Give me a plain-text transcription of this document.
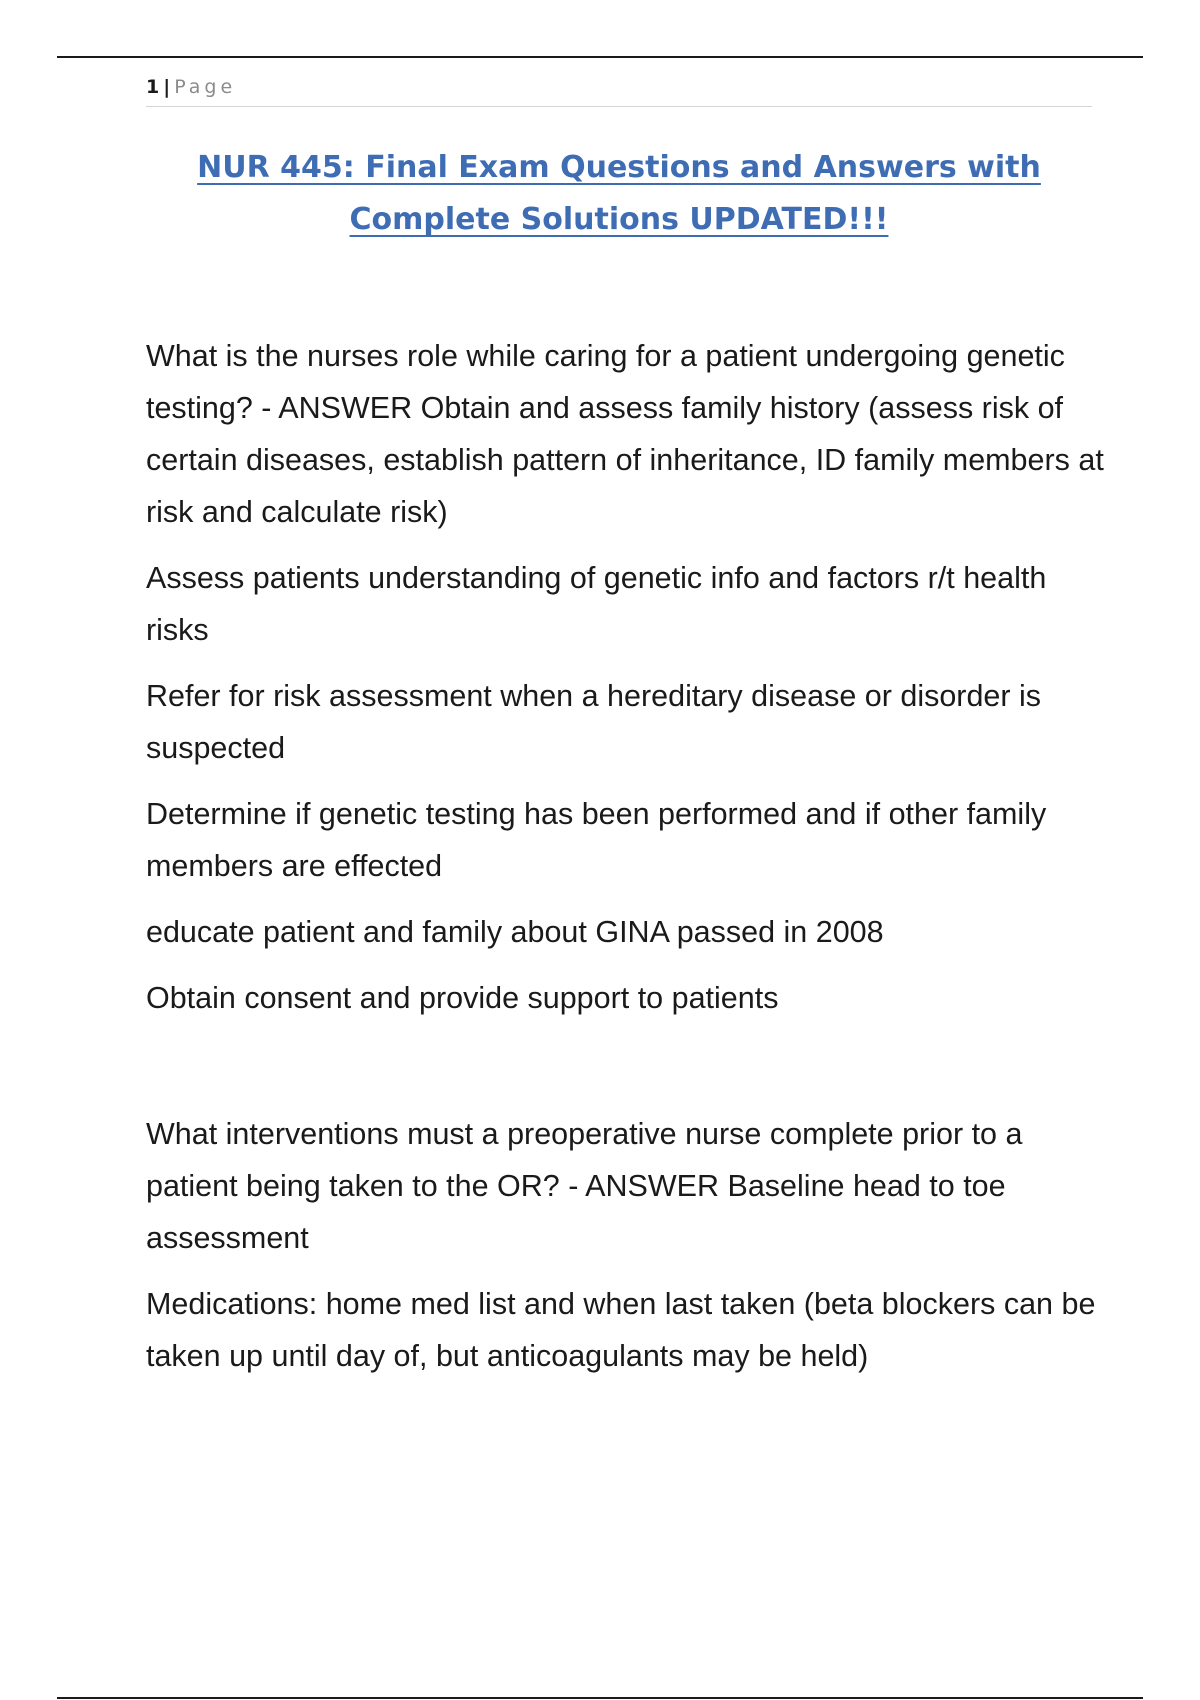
1 | Page
NUR 445: Final Exam Questions and Answers with
Complete Solutions UPDATED!!!

What is the nurses role while caring for a patient undergoing genetic testing? - ANSWER Obtain and assess family history (assess risk of certain diseases, establish pattern of inheritance, ID family members at risk and calculate risk)

Assess patients understanding of genetic info and factors r/t health risks

Refer for risk assessment when a hereditary disease or disorder is suspected

Determine if genetic testing has been performed and if other family members are effected

educate patient and family about GINA passed in 2008

Obtain consent and provide support to patients

What interventions must a preoperative nurse complete prior to a patient being taken to the OR? - ANSWER Baseline head to toe assessment

Medications: home med list and when last taken (beta blockers can be taken up until day of, but anticoagulants may be held)
